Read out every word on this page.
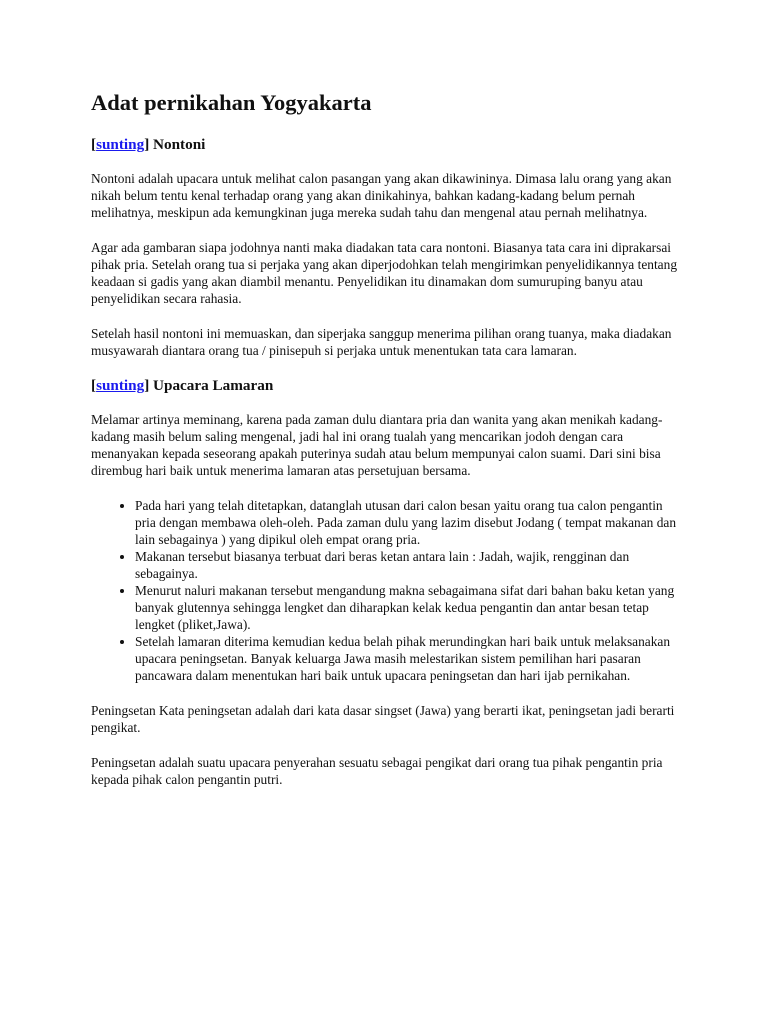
Adat pernikahan Yogyakarta
[sunting] Nontoni

Nontoni adalah upacara untuk melihat calon pasangan yang akan dikawininya. Dimasa lalu orang yang akan nikah belum tentu kenal terhadap orang yang akan dinikahinya, bahkan kadang-kadang belum pernah melihatnya, meskipun ada kemungkinan juga mereka sudah tahu dan mengenal atau pernah melihatnya.

Agar ada gambaran siapa jodohnya nanti maka diadakan tata cara nontoni. Biasanya tata cara ini diprakarsai pihak pria. Setelah orang tua si perjaka yang akan diperjodohkan telah mengirimkan penyelidikannya tentang keadaan si gadis yang akan diambil menantu. Penyelidikan itu dinamakan dom sumuruping banyu atau penyelidikan secara rahasia.

Setelah hasil nontoni ini memuaskan, dan siperjaka sanggup menerima pilihan orang tuanya, maka diadakan musyawarah diantara orang tua / pinisepuh si perjaka untuk menentukan tata cara lamaran.

[sunting] Upacara Lamaran

Melamar artinya meminang, karena pada zaman dulu diantara pria dan wanita yang akan menikah kadang-kadang masih belum saling mengenal, jadi hal ini orang tualah yang mencarikan jodoh dengan cara menanyakan kepada seseorang apakah puterinya sudah atau belum mempunyai calon suami. Dari sini bisa dirembug hari baik untuk menerima lamaran atas persetujuan bersama.

• Pada hari yang telah ditetapkan, datanglah utusan dari calon besan yaitu orang tua calon pengantin pria dengan membawa oleh-oleh. Pada zaman dulu yang lazim disebut Jodang ( tempat makanan dan lain sebagainya ) yang dipikul oleh empat orang pria.
• Makanan tersebut biasanya terbuat dari beras ketan antara lain : Jadah, wajik, rengginan dan sebagainya.
• Menurut naluri makanan tersebut mengandung makna sebagaimana sifat dari bahan baku ketan yang banyak glutennya sehingga lengket dan diharapkan kelak kedua pengantin dan antar besan tetap lengket (pliket,Jawa).
• Setelah lamaran diterima kemudian kedua belah pihak merundingkan hari baik untuk melaksanakan upacara peningsetan. Banyak keluarga Jawa masih melestarikan sistem pemilihan hari pasaran pancawara dalam menentukan hari baik untuk upacara peningsetan dan hari ijab pernikahan.

Peningsetan Kata peningsetan adalah dari kata dasar singset (Jawa) yang berarti ikat, peningsetan jadi berarti pengikat.

Peningsetan adalah suatu upacara penyerahan sesuatu sebagai pengikat dari orang tua pihak pengantin pria kepada pihak calon pengantin putri.
